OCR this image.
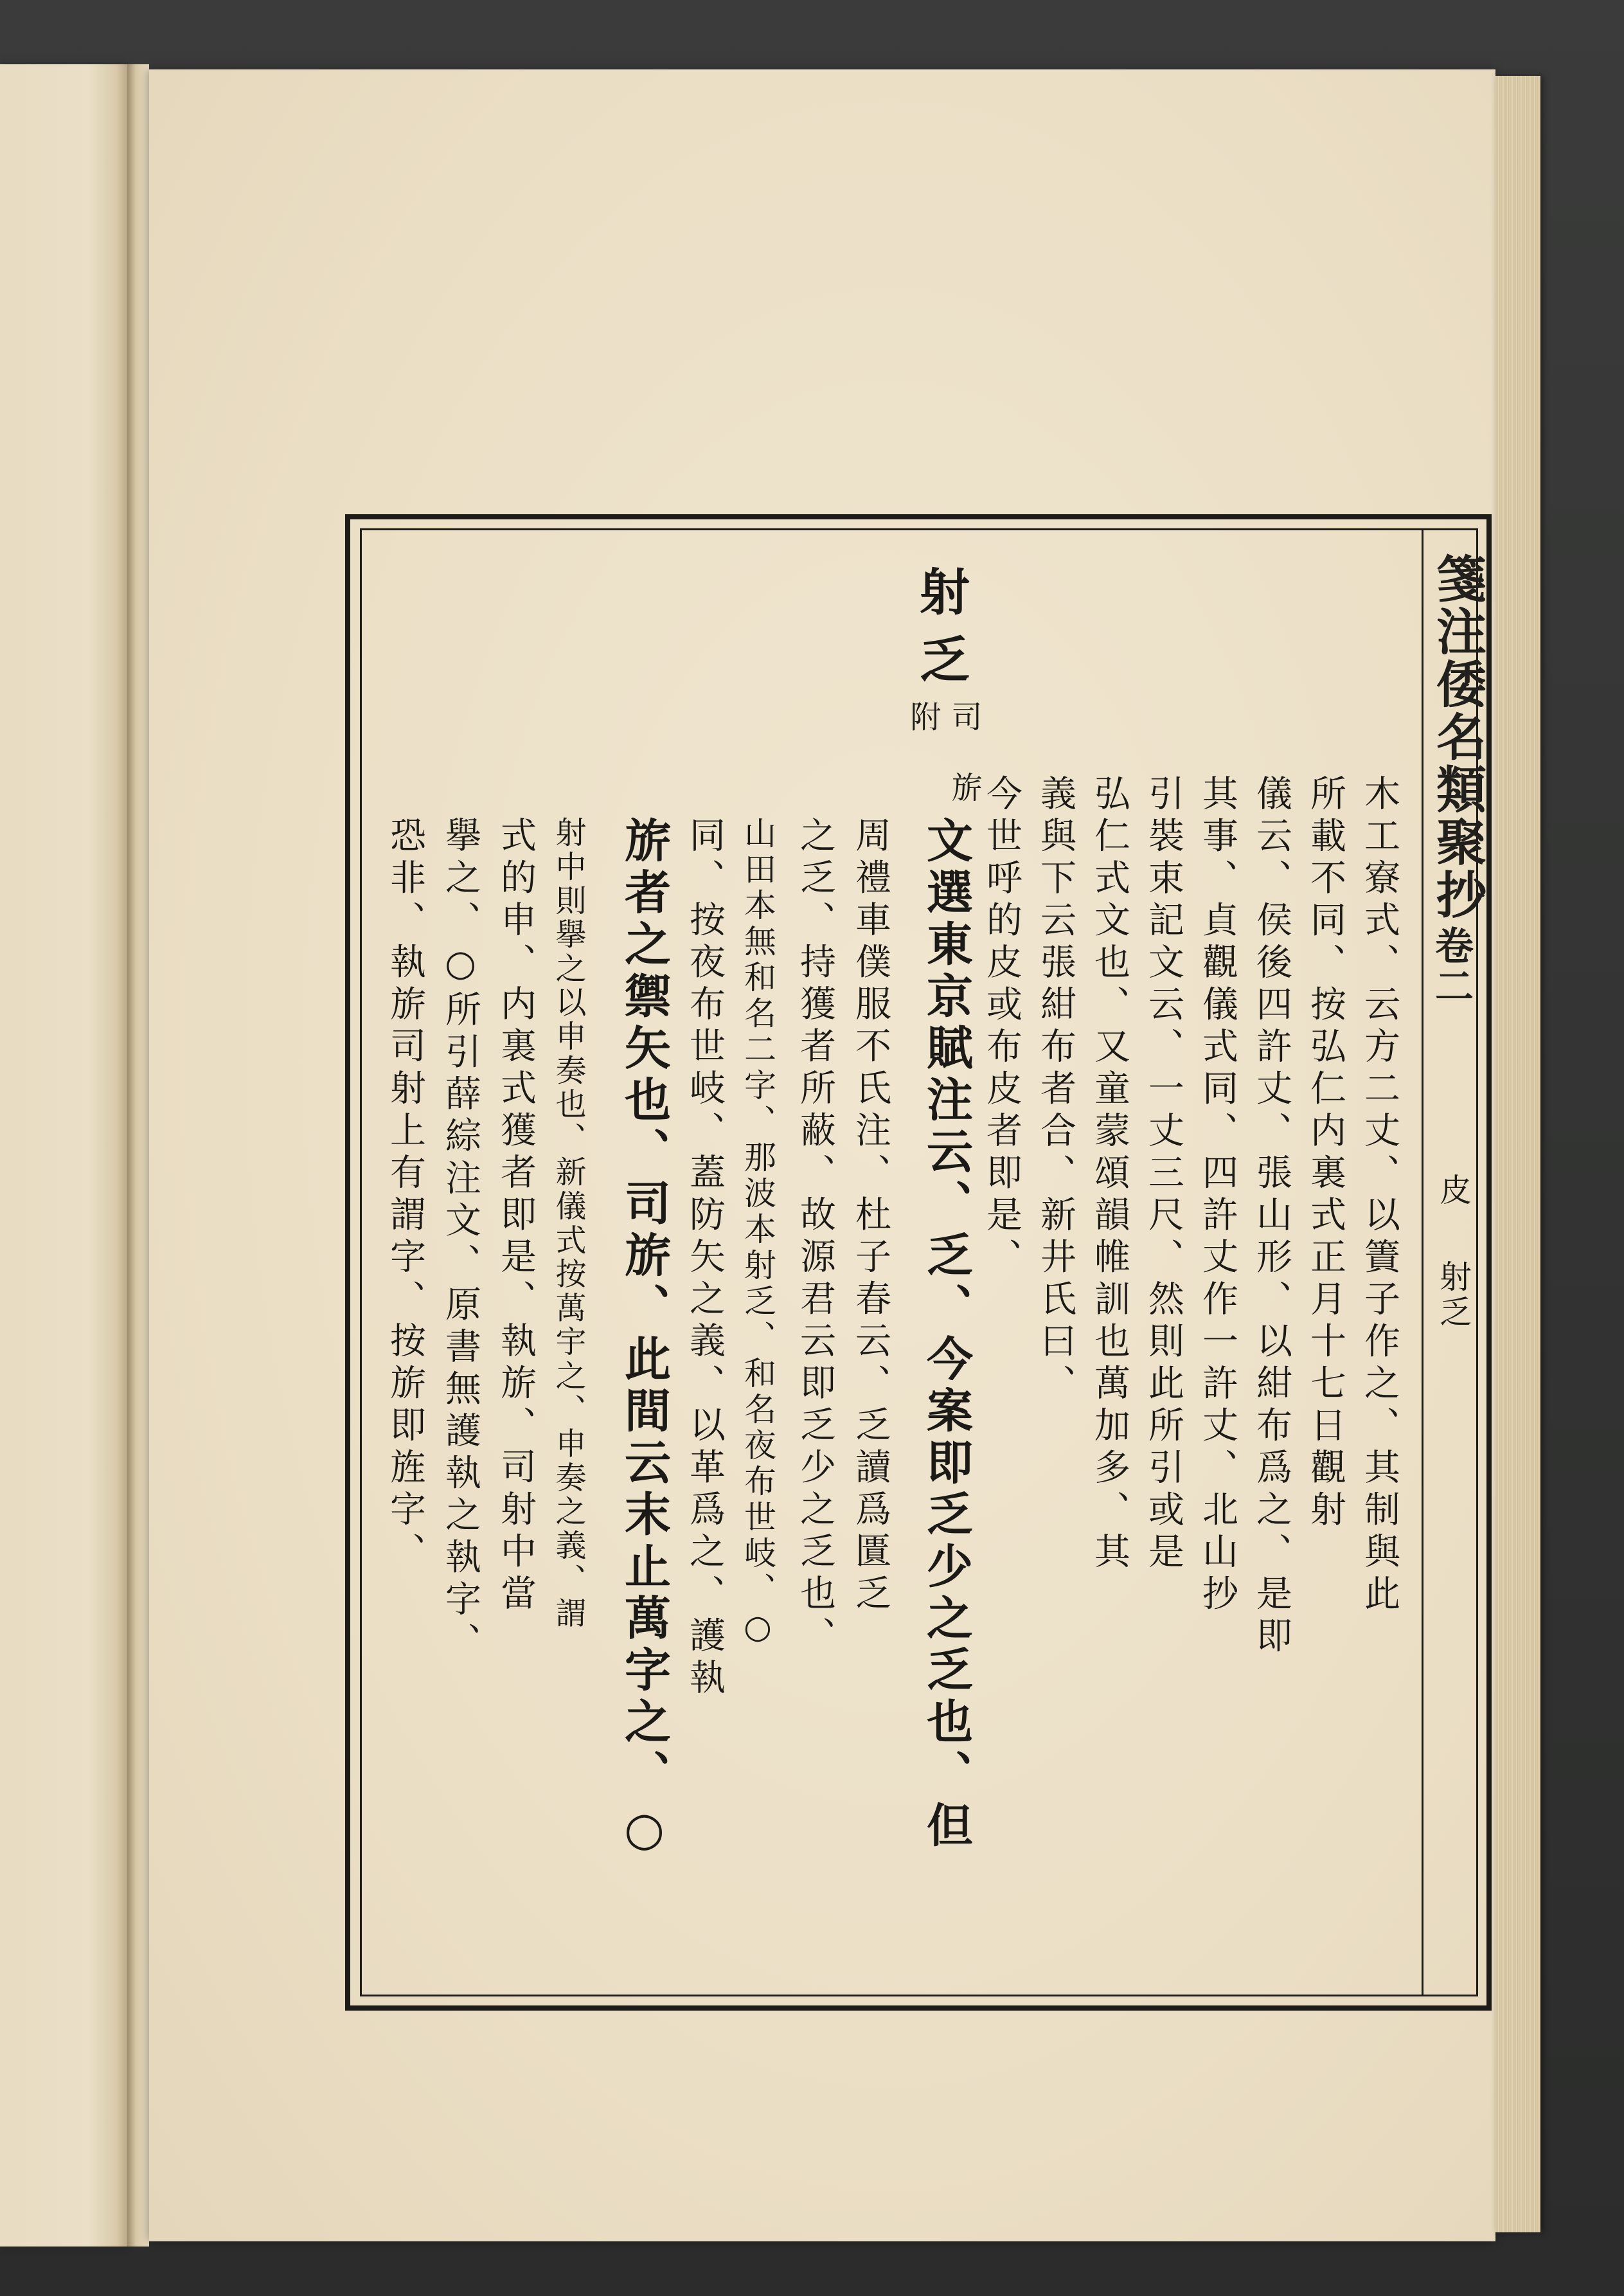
箋注倭名類聚抄
卷二
皮
射乏
射乏
司
旂
附
木工寮式、云方二丈、以簀子作之、其制與此
所載不同、按弘仁内裏式正月十七日觀射
儀云、侯後四許丈、張山形、以紺布爲之、是即
其事、貞觀儀式同、四許丈作一許丈、北山抄
引裝束記文云、一丈三尺、然則此所引或是
弘仁式文也、又童蒙頌韻帷訓也萬加多、其
義與下云張紺布者合、新井氏曰、
今世呼的皮或布皮者即是、
文選東京賦注云、乏、今案即乏少之乏也、但
周禮車僕服不氏注、杜子春云、乏讀爲匱乏
之乏、持獲者所蔽、故源君云即乏少之乏也、
山田本無和名二字、那波本射乏、和名夜布世岐、○
同、按夜布世岐、蓋防矢之義、以革爲之、護執
旂者之禦矢也、司旂、此間云末止萬字之、○
射中則擧之以申奏也、新儀式按萬宇之、申奏之義、謂
式的申、内裏式獲者即是、執旂、司射中當
擧之、○所引薛綜注文、原書無護執之執字、
恐非、執旂司射上有謂字、按旂即旌字、
